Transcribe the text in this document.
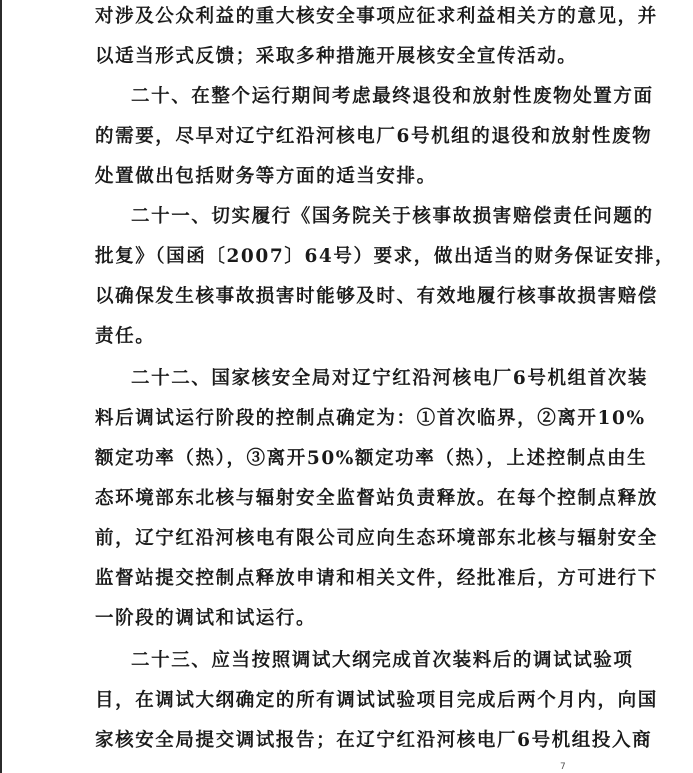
对涉及公众利益的重大核安全事项应征求利益相关方的意见，并
以适当形式反馈；采取多种措施开展核安全宣传活动。
二十、在整个运行期间考虑最终退役和放射性废物处置方面
的需要，尽早对辽宁红沿河核电厂6号机组的退役和放射性废物
处置做出包括财务等方面的适当安排。
二十一、切实履行《国务院关于核事故损害赔偿责任问题的
批复》（国函〔2007〕64号）要求，做出适当的财务保证安排，
以确保发生核事故损害时能够及时、有效地履行核事故损害赔偿
责任。
二十二、国家核安全局对辽宁红沿河核电厂6号机组首次装
料后调试运行阶段的控制点确定为：①首次临界，②离开10%
额定功率（热），③离开50%额定功率（热），上述控制点由生
态环境部东北核与辐射安全监督站负责释放。在每个控制点释放
前，辽宁红沿河核电有限公司应向生态环境部东北核与辐射安全
监督站提交控制点释放申请和相关文件，经批准后，方可进行下
一阶段的调试和试运行。
二十三、应当按照调试大纲完成首次装料后的调试试验项
目，在调试大纲确定的所有调试试验项目完成后两个月内，向国
家核安全局提交调试报告；在辽宁红沿河核电厂6号机组投入商
7
